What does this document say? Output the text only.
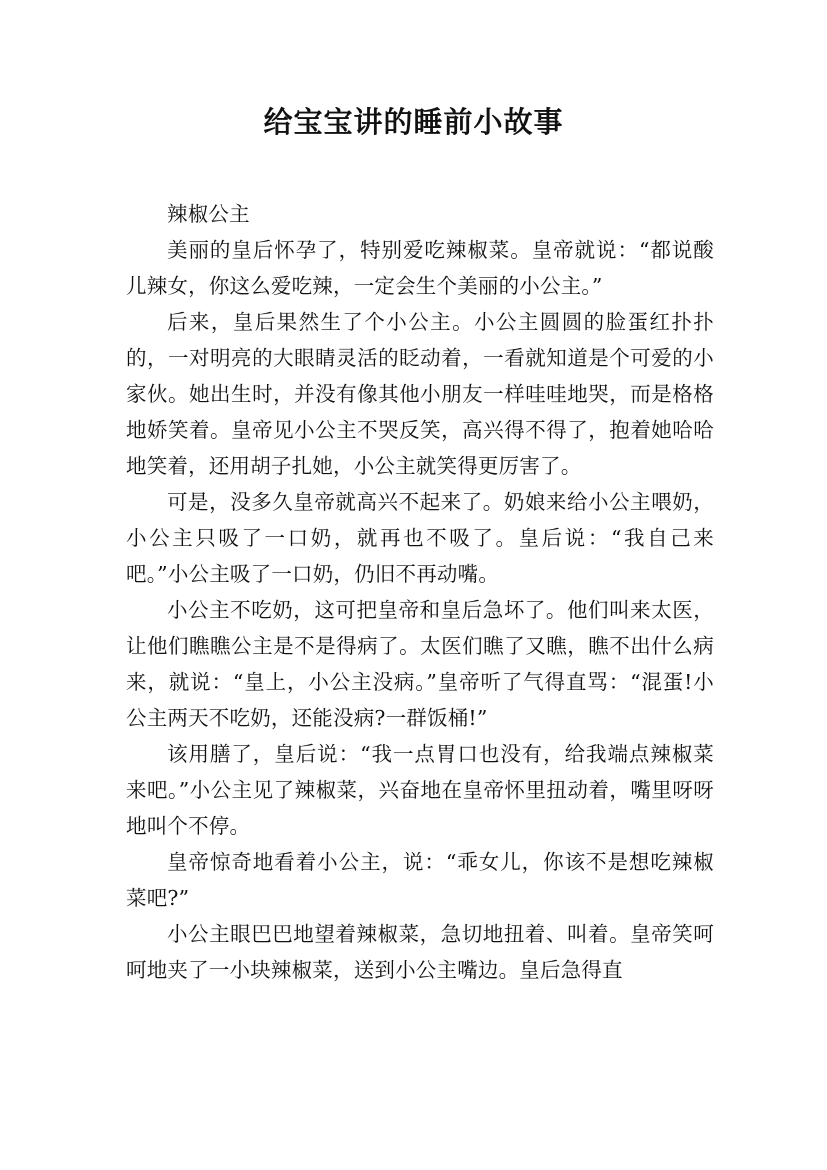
给宝宝讲的睡前小故事

辣椒公主

美丽的皇后怀孕了，特别爱吃辣椒菜。皇帝就说：“都说酸儿辣女，你这么爱吃辣，一定会生个美丽的小公主。”

后来，皇后果然生了个小公主。小公主圆圆的脸蛋红扑扑的，一对明亮的大眼睛灵活的眨动着，一看就知道是个可爱的小家伙。她出生时，并没有像其他小朋友一样哇哇地哭，而是格格地娇笑着。皇帝见小公主不哭反笑，高兴得不得了，抱着她哈哈地笑着，还用胡子扎她，小公主就笑得更厉害了。

可是，没多久皇帝就高兴不起来了。奶娘来给小公主喂奶，小公主只吸了一口奶，就再也不吸了。皇后说：“我自己来吧。”小公主吸了一口奶，仍旧不再动嘴。

小公主不吃奶，这可把皇帝和皇后急坏了。他们叫来太医，让他们瞧瞧公主是不是得病了。太医们瞧了又瞧，瞧不出什么病来，就说：“皇上，小公主没病。”皇帝听了气得直骂：“混蛋!小公主两天不吃奶，还能没病?一群饭桶!”

该用膳了，皇后说：“我一点胃口也没有，给我端点辣椒菜来吧。”小公主见了辣椒菜，兴奋地在皇帝怀里扭动着，嘴里呀呀地叫个不停。

皇帝惊奇地看着小公主，说：“乖女儿，你该不是想吃辣椒菜吧?”

小公主眼巴巴地望着辣椒菜，急切地扭着、叫着。皇帝笑呵呵地夹了一小块辣椒菜，送到小公主嘴边。皇后急得直
